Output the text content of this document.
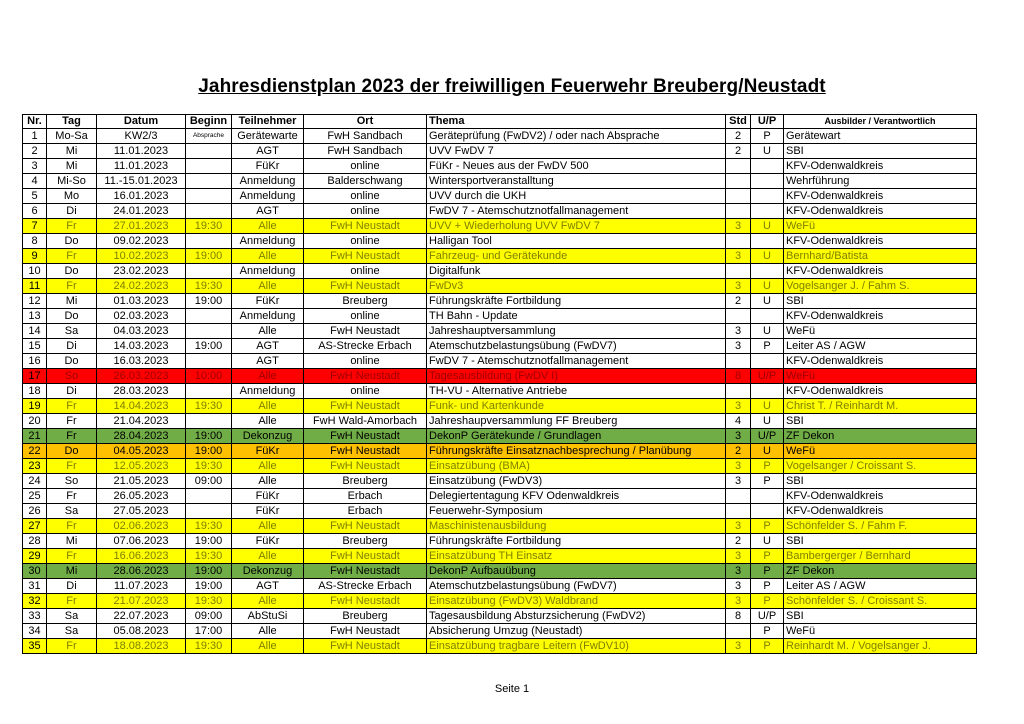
Jahresdienstplan 2023 der freiwilligen Feuerwehr Breuberg/Neustadt
Nr.	Tag	Datum	Beginn	Teilnehmer	Ort	Thema	Std	U/P	Ausbilder / Verantwortlich
1	Mo-Sa	KW2/3	Absprache	Gerätewarte	FwH Sandbach	Geräteprüfung (FwDV2) / oder nach Absprache	2	P	Gerätewart
2	Mi	11.01.2023		AGT	FwH Sandbach	UVV FwDV 7	2	U	SBI
3	Mi	11.01.2023		FüKr	online	FüKr - Neues aus der FwDV 500			KFV-Odenwaldkreis
4	Mi-So	11.-15.01.2023		Anmeldung	Balderschwang	Wintersportveranstalltung			Wehrführung
5	Mo	16.01.2023		Anmeldung	online	UVV durch die UKH			KFV-Odenwaldkreis
6	Di	24.01.2023		AGT	online	FwDV 7 - Atemschutznotfallmanagement			KFV-Odenwaldkreis
7	Fr	27.01.2023	19:30	Alle	FwH Neustadt	UVV + Wiederholung UVV FwDV 7	3	U	WeFü
8	Do	09.02.2023		Anmeldung	online	Halligan Tool			KFV-Odenwaldkreis
9	Fr	10.02.2023	19:00	Alle	FwH Neustadt	Fahrzeug- und Gerätekunde	3	U	Bernhard/Batista
10	Do	23.02.2023		Anmeldung	online	Digitalfunk			KFV-Odenwaldkreis
11	Fr	24.02.2023	19:30	Alle	FwH Neustadt	FwDv3	3	U	Vogelsanger J. / Fahm S.
12	Mi	01.03.2023	19:00	FüKr	Breuberg	Führungskräfte Fortbildung	2	U	SBI
13	Do	02.03.2023		Anmeldung	online	TH Bahn - Update			KFV-Odenwaldkreis
14	Sa	04.03.2023		Alle	FwH Neustadt	Jahreshauptversammlung	3	U	WeFü
15	Di	14.03.2023	19:00	AGT	AS-Strecke Erbach	Atemschutzbelastungsübung (FwDV7)	3	P	Leiter AS / AGW
16	Do	16.03.2023		AGT	online	FwDV 7 - Atemschutznotfallmanagement			KFV-Odenwaldkreis
17	So	26.03.2023	10:00	Alle	FwH Neustadt	Tagesausbildung (FwDV I)	8	U/P	WeFü
18	Di	28.03.2023		Anmeldung	online	TH-VU - Alternative Antriebe			KFV-Odenwaldkreis
19	Fr	14.04.2023	19:30	Alle	FwH Neustadt	Funk- und Kartenkunde	3	U	Christ T. / Reinhardt M.
20	Fr	21.04.2023		Alle	FwH Wald-Amorbach	Jahreshaupversammlung FF Breuberg	4	U	SBI
21	Fr	28.04.2023	19:00	Dekonzug	FwH Neustadt	DekonP Gerätekunde / Grundlagen	3	U/P	ZF Dekon
22	Do	04.05.2023	19:00	FüKr	FwH Neustadt	Führungskräfte Einsatznachbesprechung / Planübung	2	U	WeFü
23	Fr	12.05.2023	19:30	Alle	FwH Neustadt	Einsatzübung (BMA)	3	P	Vogelsanger / Croissant S.
24	So	21.05.2023	09:00	Alle	Breuberg	Einsatzübung (FwDV3)	3	P	SBI
25	Fr	26.05.2023		FüKr	Erbach	Delegiertentagung KFV Odenwaldkreis			KFV-Odenwaldkreis
26	Sa	27.05.2023		FüKr	Erbach	Feuerwehr-Symposium			KFV-Odenwaldkreis
27	Fr	02.06.2023	19:30	Alle	FwH Neustadt	Maschinistenausbildung	3	P	Schönfelder S. / Fahm F.
28	Mi	07.06.2023	19:00	FüKr	Breuberg	Führungskräfte Fortbildung	2	U	SBI
29	Fr	16.06.2023	19:30	Alle	FwH Neustadt	Einsatzübung TH Einsatz	3	P	Bambergerger / Bernhard
30	Mi	28.06.2023	19:00	Dekonzug	FwH Neustadt	DekonP Aufbauübung	3	P	ZF Dekon
31	Di	11.07.2023	19:00	AGT	AS-Strecke Erbach	Atemschutzbelastungsübung (FwDV7)	3	P	Leiter AS / AGW
32	Fr	21.07.2023	19:30	Alle	FwH Neustadt	Einsatzübung (FwDV3) Waldbrand	3	P	Schönfelder S. / Croissant S.
33	Sa	22.07.2023	09:00	AbStuSi	Breuberg	Tagesausbildung Absturzsicherung (FwDV2)	8	U/P	SBI
34	Sa	05.08.2023	17:00	Alle	FwH Neustadt	Absicherung Umzug (Neustadt)		P	WeFü
35	Fr	18.08.2023	19:30	Alle	FwH Neustadt	Einsatzübung tragbare Leitern (FwDV10)	3	P	Reinhardt M. / Vogelsanger J.
Seite 1
